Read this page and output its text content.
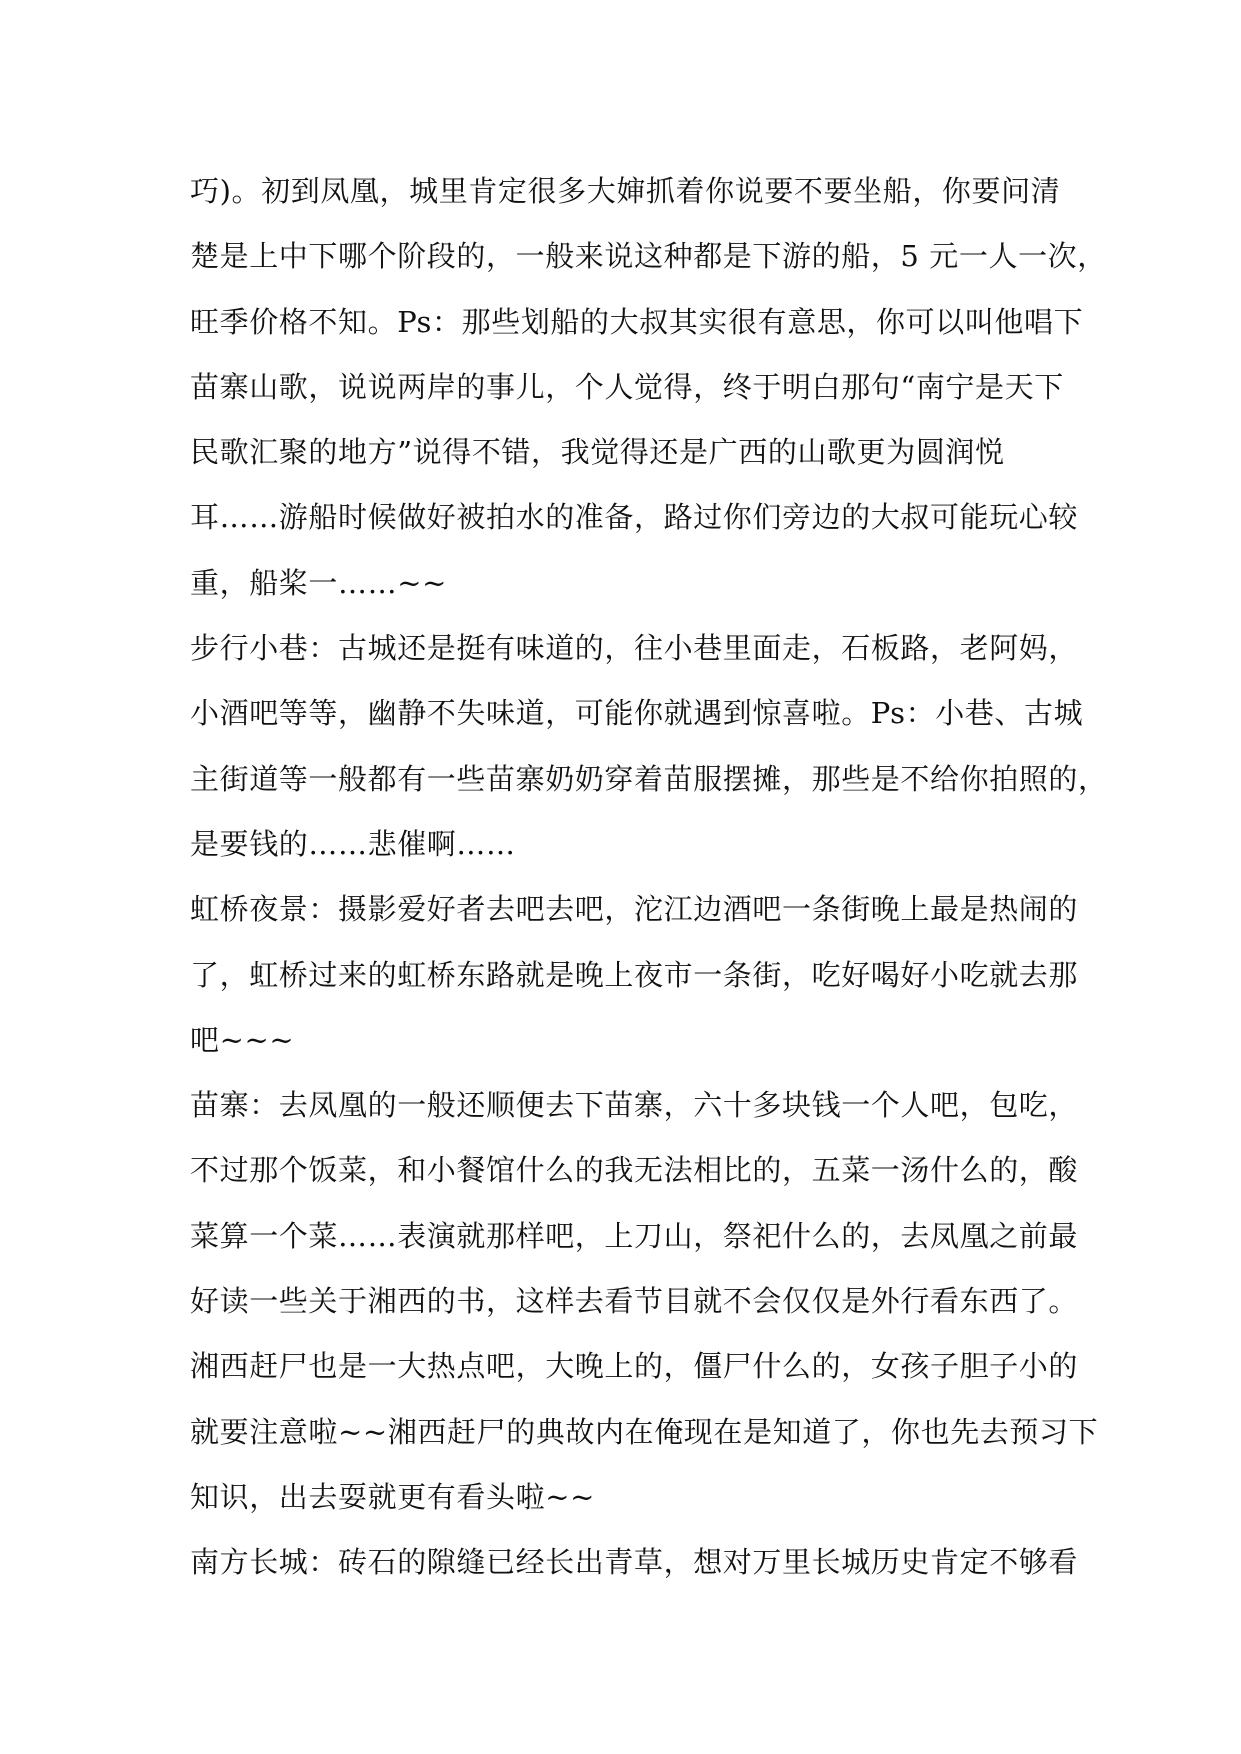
巧)。初到凤凰，城里肯定很多大婶抓着你说要不要坐船，你要问清
楚是上中下哪个阶段的，一般来说这种都是下游的船，5 元一人一次，
旺季价格不知。Ps：那些划船的大叔其实很有意思，你可以叫他唱下
苗寨山歌，说说两岸的事儿，个人觉得，终于明白那句“南宁是天下
民歌汇聚的地方”说得不错，我觉得还是广西的山歌更为圆润悦
耳……游船时候做好被拍水的准备，路过你们旁边的大叔可能玩心较
重，船桨一……~~
步行小巷：古城还是挺有味道的，往小巷里面走，石板路，老阿妈，
小酒吧等等，幽静不失味道，可能你就遇到惊喜啦。Ps：小巷、古城
主街道等一般都有一些苗寨奶奶穿着苗服摆摊，那些是不给你拍照的，
是要钱的……悲催啊……
虹桥夜景：摄影爱好者去吧去吧，沱江边酒吧一条街晚上最是热闹的
了，虹桥过来的虹桥东路就是晚上夜市一条街，吃好喝好小吃就去那
吧~~~
苗寨：去凤凰的一般还顺便去下苗寨，六十多块钱一个人吧，包吃，
不过那个饭菜，和小餐馆什么的我无法相比的，五菜一汤什么的，酸
菜算一个菜……表演就那样吧，上刀山，祭祀什么的，去凤凰之前最
好读一些关于湘西的书，这样去看节目就不会仅仅是外行看东西了。
湘西赶尸也是一大热点吧，大晚上的，僵尸什么的，女孩子胆子小的
就要注意啦~~湘西赶尸的典故内在俺现在是知道了，你也先去预习下
知识，出去耍就更有看头啦~~
南方长城：砖石的隙缝已经长出青草，想对万里长城历史肯定不够看
